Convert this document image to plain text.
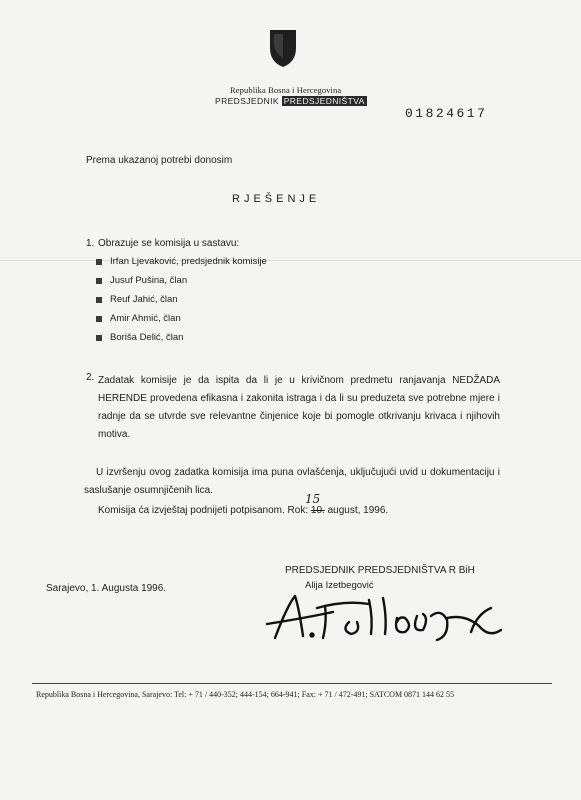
Republika Bosna i Hercegovina
PREDSJEDNIK PREDSJEDNIŠTVA
01824617
Prema ukazanoj potrebi donosim
RJEŠENJE
1. Obrazuje se komisija u sastavu:
Irfan Ljevaković, predsjednik komisije
Jusuf Pušina, član
Reuf Jahić, član
Amir Ahmić, član
Boriša Delić, član
2. Zadatak komisije je da ispita da li je u krivičnom predmetu ranjavanja NEDŽADA HERENDE provedena efikasna i zakonita istraga i da li su preduzeta sve potrebne mjere i radnje da se utvrde sve relevantne činjenice koje bi pomogle otkrivanju krivaca i njihovih motiva.
U izvršenju ovog zadatka komisija ima puna ovlašćenja, uključujući uvid u dokumentaciju i saslušanje osumnjičenih lica.
Komisija ća izvještaj podnijeti potpisanom. Rok: 10. august, 1996.
15
PREDSJEDNIK PREDSJEDNIŠTVA R BiH
Alija Izetbegović
Sarajevo, 1. Augusta 1996.
Republika Bosna i Hercegovina, Sarajevo: Tel: + 71 / 440-352; 444-154; 664-941; Fax: + 71 / 472-491; SATCOM 0871 144 62 55
